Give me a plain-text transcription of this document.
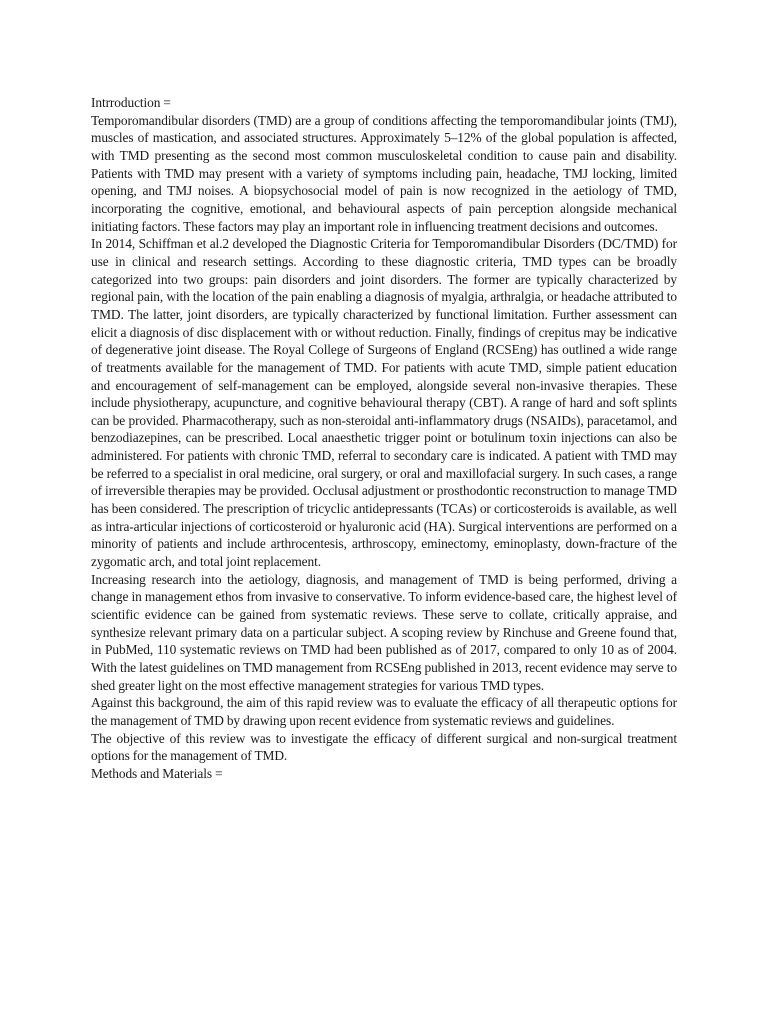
Intrroduction =

Temporomandibular disorders (TMD) are a group of conditions affecting the temporomandibular joints (TMJ), muscles of mastication, and associated structures. Approximately 5–12% of the global population is affected, with TMD presenting as the second most common musculoskeletal condition to cause pain and disability. Patients with TMD may present with a variety of symptoms including pain, headache, TMJ locking, limited opening, and TMJ noises. A biopsychosocial model of pain is now recognized in the aetiology of TMD, incorporating the cognitive, emotional, and behavioural aspects of pain perception alongside mechanical initiating factors. These factors may play an important role in influencing treatment decisions and outcomes.

In 2014, Schiffman et al.2 developed the Diagnostic Criteria for Temporomandibular Disorders (DC/TMD) for use in clinical and research settings. According to these diagnostic criteria, TMD types can be broadly categorized into two groups: pain disorders and joint disorders. The former are typically characterized by regional pain, with the location of the pain enabling a diagnosis of myalgia, arthralgia, or headache attributed to TMD. The latter, joint disorders, are typically characterized by functional limitation. Further assessment can elicit a diagnosis of disc displacement with or without reduction. Finally, findings of crepitus may be indicative of degenerative joint disease. The Royal College of Surgeons of England (RCSEng) has outlined a wide range of treatments available for the management of TMD. For patients with acute TMD, simple patient education and encouragement of self-management can be employed, alongside several non-invasive therapies. These include physiotherapy, acupuncture, and cognitive behavioural therapy (CBT). A range of hard and soft splints can be provided. Pharmacotherapy, such as non-steroidal anti-inflammatory drugs (NSAIDs), paracetamol, and benzodiazepines, can be prescribed. Local anaesthetic trigger point or botulinum toxin injections can also be administered. For patients with chronic TMD, referral to secondary care is indicated. A patient with TMD may be referred to a specialist in oral medicine, oral surgery, or oral and maxillofacial surgery. In such cases, a range of irreversible therapies may be provided. Occlusal adjustment or prosthodontic reconstruction to manage TMD has been considered. The prescription of tricyclic antidepressants (TCAs) or corticosteroids is available, as well as intra-articular injections of corticosteroid or hyaluronic acid (HA). Surgical interventions are performed on a minority of patients and include arthrocentesis, arthroscopy, eminectomy, eminoplasty, down-fracture of the zygomatic arch, and total joint replacement.

Increasing research into the aetiology, diagnosis, and management of TMD is being performed, driving a change in management ethos from invasive to conservative. To inform evidence-based care, the highest level of scientific evidence can be gained from systematic reviews. These serve to collate, critically appraise, and synthesize relevant primary data on a particular subject. A scoping review by Rinchuse and Greene found that, in PubMed, 110 systematic reviews on TMD had been published as of 2017, compared to only 10 as of 2004. With the latest guidelines on TMD management from RCSEng published in 2013, recent evidence may serve to shed greater light on the most effective management strategies for various TMD types.

Against this background, the aim of this rapid review was to evaluate the efficacy of all therapeutic options for the management of TMD by drawing upon recent evidence from systematic reviews and guidelines.

The objective of this review was to investigate the efficacy of different surgical and non-surgical treatment options for the management of TMD.

Methods and Materials =
